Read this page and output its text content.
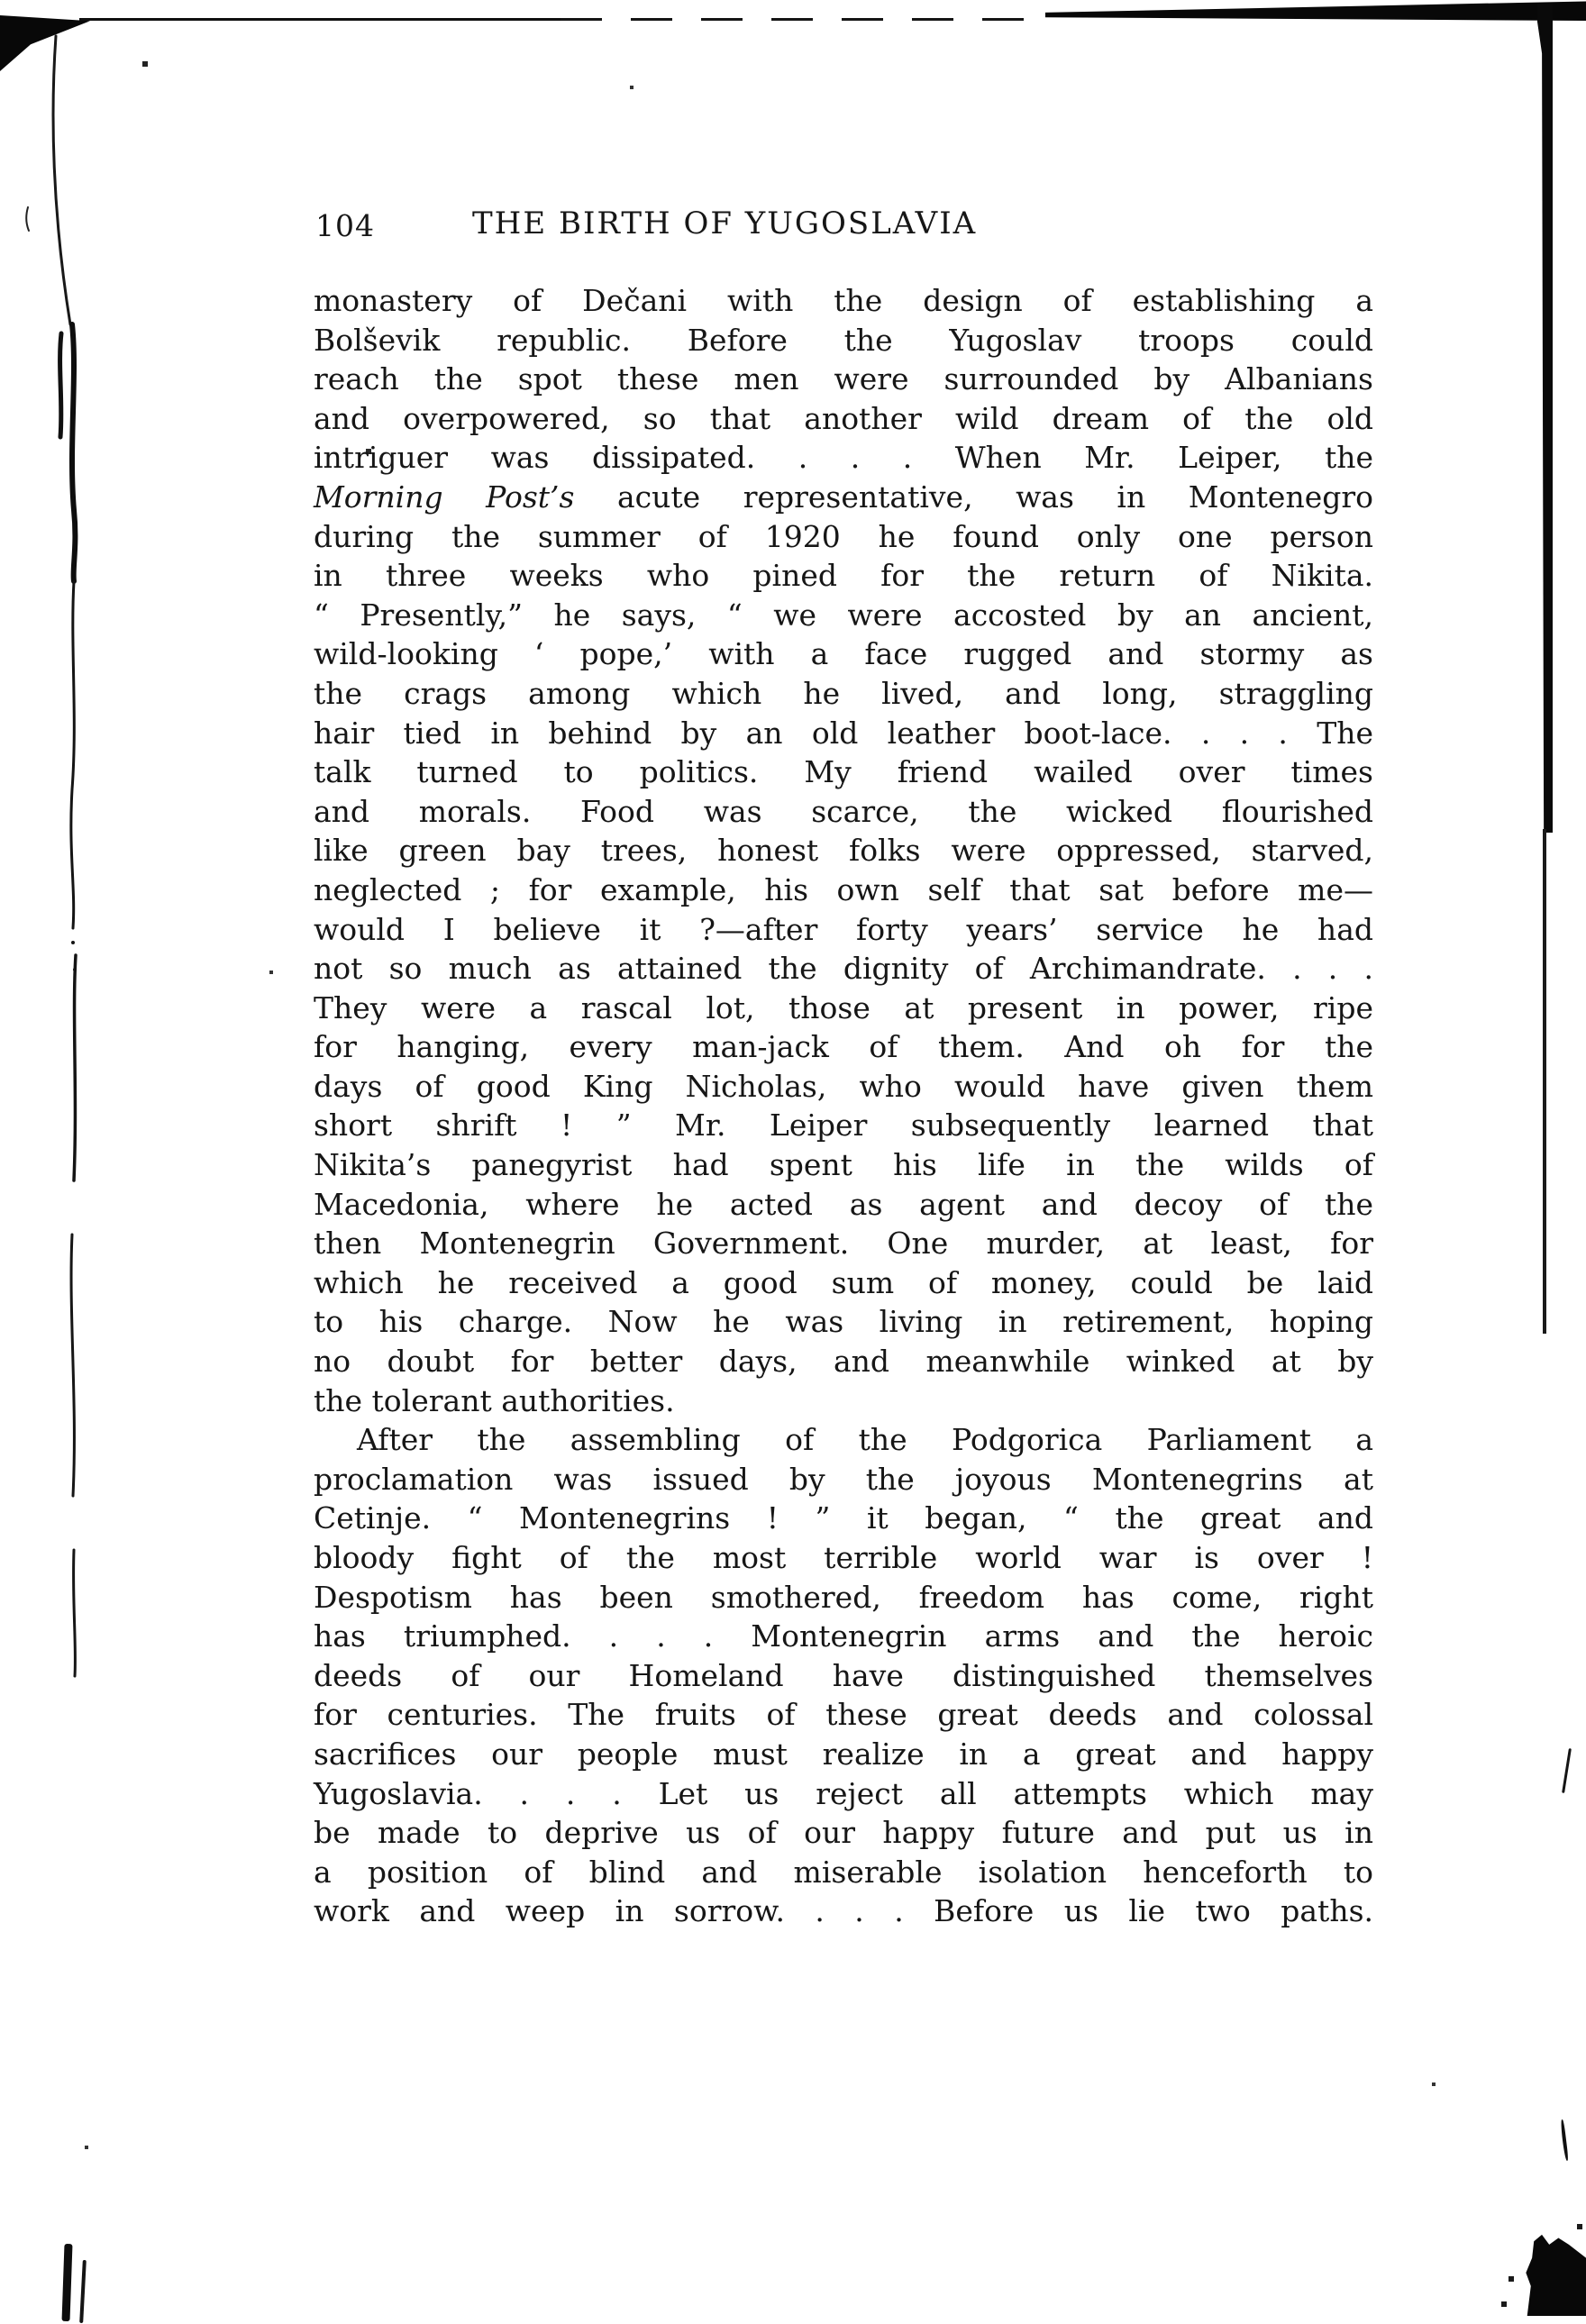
104	THE BIRTH OF YUGOSLAVIA
monastery of Dečani with the design of establishing a
Bolševik republic. Before the Yugoslav troops could
reach the spot these men were surrounded by Albanians
and overpowered, so that another wild dream of the old
intriguer was dissipated. . . . When Mr. Leiper, the
Morning Post’s acute representative, was in Montenegro
during the summer of 1920 he found only one person
in three weeks who pined for the return of Nikita.
“ Presently,” he says, “ we were accosted by an ancient,
wild-looking ‘ pope,’ with a face rugged and stormy as
the crags among which he lived, and long, straggling
hair tied in behind by an old leather boot-lace. . . . The
talk turned to politics. My friend wailed over times
and morals. Food was scarce, the wicked flourished
like green bay trees, honest folks were oppressed, starved,
neglected ; for example, his own self that sat before me—
would I believe it ?—after forty years’ service he had
not so much as attained the dignity of Archimandrate. . . .
They were a rascal lot, those at present in power, ripe
for hanging, every man-jack of them. And oh for the
days of good King Nicholas, who would have given them
short shrift ! ” Mr. Leiper subsequently learned that
Nikita’s panegyrist had spent his life in the wilds of
Macedonia, where he acted as agent and decoy of the
then Montenegrin Government. One murder, at least, for
which he received a good sum of money, could be laid
to his charge. Now he was living in retirement, hoping
no doubt for better days, and meanwhile winked at by
the tolerant authorities.
After the assembling of the Podgorica Parliament a
proclamation was issued by the joyous Montenegrins at
Cetinje. “ Montenegrins ! ” it began, “ the great and
bloody fight of the most terrible world war is over !
Despotism has been smothered, freedom has come, right
has triumphed. . . . Montenegrin arms and the heroic
deeds of our Homeland have distinguished themselves
for centuries. The fruits of these great deeds and colossal
sacrifices our people must realize in a great and happy
Yugoslavia. . . . Let us reject all attempts which may
be made to deprive us of our happy future and put us in
a position of blind and miserable isolation henceforth to
work and weep in sorrow. . . . Before us lie two paths.
